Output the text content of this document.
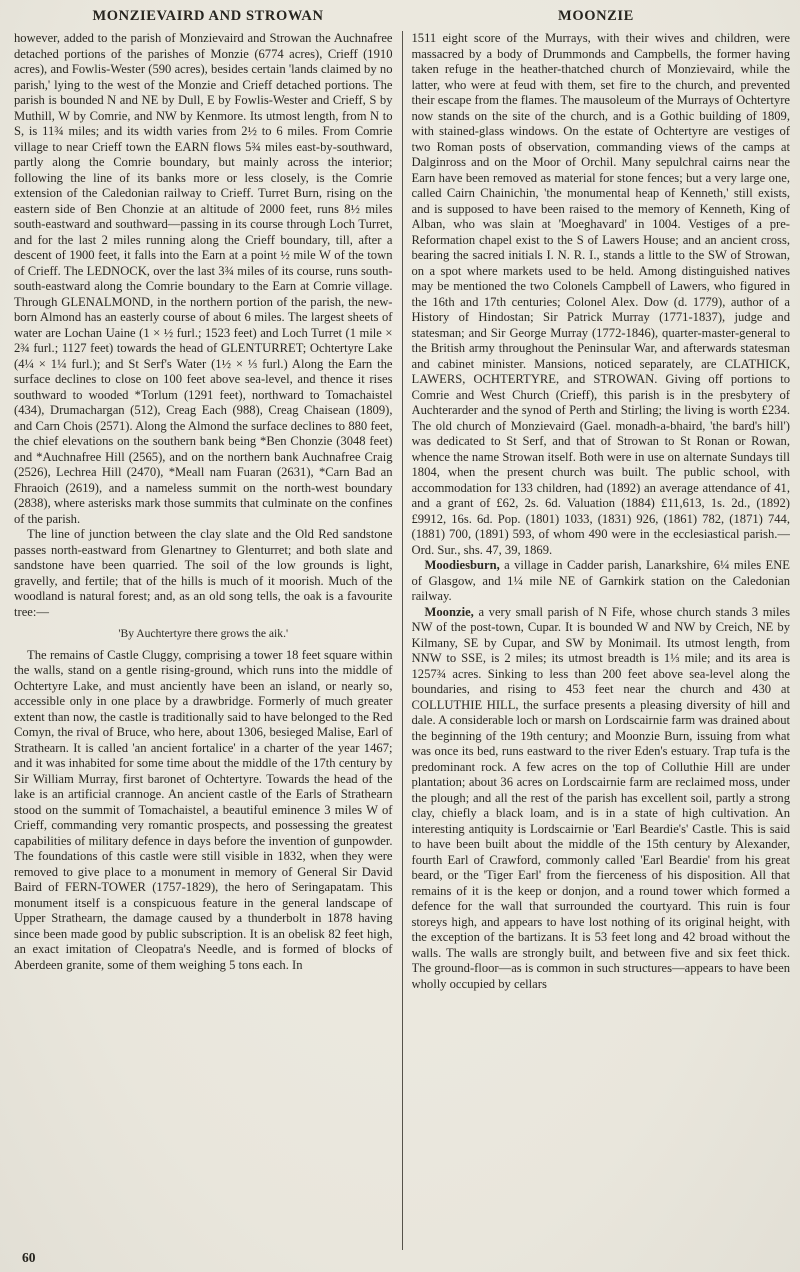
MONZIEVAIRD AND STROWAN	MOONZIE

however, added to the parish of Monzievaird and Strowan the Auchnafree detached portions of the parishes of Monzie (6774 acres), Crieff (1910 acres), and Fowlis-Wester (590 acres), besides certain 'lands claimed by no parish,' lying to the west of the Monzie and Crieff detached portions. The parish is bounded N and NE by Dull, E by Fowlis-Wester and Crieff, S by Muthill, W by Comrie, and NW by Kenmore. Its utmost length, from N to S, is 11¾ miles; and its width varies from 2½ to 6 miles. From Comrie village to near Crieff town the EARN flows 5¾ miles east-by-southward, partly along the Comrie boundary, but mainly across the interior; following the line of its banks more or less closely, is the Comrie extension of the Caledonian railway to Crieff. Turret Burn, rising on the eastern side of Ben Chonzie at an altitude of 2000 feet, runs 8½ miles south-eastward and southward—passing in its course through Loch Turret, and for the last 2 miles running along the Crieff boundary, till, after a descent of 1900 feet, it falls into the Earn at a point ½ mile W of the town of Crieff. The LEDNOCK, over the last 3¾ miles of its course, runs south-south-eastward along the Comrie boundary to the Earn at Comrie village. Through GLENALMOND, in the northern portion of the parish, the new-born Almond has an easterly course of about 6 miles. The largest sheets of water are Lochan Uaine (1 × ½ furl.; 1523 feet) and Loch Turret (1 mile × 2¾ furl.; 1127 feet) towards the head of GLENTURRET; Ochtertyre Lake (4¼ × 1¼ furl.); and St Serf's Water (1½ × ⅓ furl.) Along the Earn the surface declines to close on 100 feet above sea-level, and thence it rises southward to wooded *Torlum (1291 feet), northward to Tomachaistel (434), Drumachargan (512), Creag Each (988), Creag Chaisean (1809), and Carn Chois (2571). Along the Almond the surface declines to 880 feet, the chief elevations on the southern bank being *Ben Chonzie (3048 feet) and *Auchnafree Hill (2565), and on the northern bank Auchnafree Craig (2526), Lechrea Hill (2470), *Meall nam Fuaran (2631), *Carn Bad an Fhraoich (2619), and a nameless summit on the north-west boundary (2838), where asterisks mark those summits that culminate on the confines of the parish.

The line of junction between the clay slate and the Old Red sandstone passes north-eastward from Glenartney to Glenturret; and both slate and sandstone have been quarried. The soil of the low grounds is light, gravelly, and fertile; that of the hills is much of it moorish. Much of the woodland is natural forest; and, as an old song tells, the oak is a favourite tree:—

'By Auchtertyre there grows the aik.'

The remains of Castle Cluggy, comprising a tower 18 feet square within the walls, stand on a gentle rising-ground, which runs into the middle of Ochtertyre Lake, and must anciently have been an island, or nearly so, accessible only in one place by a drawbridge. Formerly of much greater extent than now, the castle is traditionally said to have belonged to the Red Comyn, the rival of Bruce, who here, about 1306, besieged Malise, Earl of Strathearn. It is called 'an ancient fortalice' in a charter of the year 1467; and it was inhabited for some time about the middle of the 17th century by Sir William Murray, first baronet of Ochtertyre. Towards the head of the lake is an artificial crannoge. An ancient castle of the Earls of Strathearn stood on the summit of Tomachaistel, a beautiful eminence 3 miles W of Crieff, commanding very romantic prospects, and possessing the greatest capabilities of military defence in days before the invention of gunpowder. The foundations of this castle were still visible in 1832, when they were removed to give place to a monument in memory of General Sir David Baird of FERN-TOWER (1757-1829), the hero of Seringapatam. This monument itself is a conspicuous feature in the general landscape of Upper Strathearn, the damage caused by a thunderbolt in 1878 having since been made good by public subscription. It is an obelisk 82 feet high, an exact imitation of Cleopatra's Needle, and is formed of blocks of Aberdeen granite, some of them weighing 5 tons each. In

1511 eight score of the Murrays, with their wives and children, were massacred by a body of Drummonds and Campbells, the former having taken refuge in the heather-thatched church of Monzievaird, while the latter, who were at feud with them, set fire to the church, and prevented their escape from the flames. The mausoleum of the Murrays of Ochtertyre now stands on the site of the church, and is a Gothic building of 1809, with stained-glass windows. On the estate of Ochtertyre are vestiges of two Roman posts of observation, commanding views of the camps at Dalginross and on the Moor of Orchil. Many sepulchral cairns near the Earn have been removed as material for stone fences; but a very large one, called Cairn Chainichin, 'the monumental heap of Kenneth,' still exists, and is supposed to have been raised to the memory of Kenneth, King of Alban, who was slain at 'Moeghavard' in 1004. Vestiges of a pre-Reformation chapel exist to the S of Lawers House; and an ancient cross, bearing the sacred initials I. N. R. I., stands a little to the SW of Strowan, on a spot where markets used to be held. Among distinguished natives may be mentioned the two Colonels Campbell of Lawers, who figured in the 16th and 17th centuries; Colonel Alex. Dow (d. 1779), author of a History of Hindostan; Sir Patrick Murray (1771-1837), judge and statesman; and Sir George Murray (1772-1846), quarter-master-general to the British army throughout the Peninsular War, and afterwards statesman and cabinet minister. Mansions, noticed separately, are CLATHICK, LAWERS, OCHTERTYRE, and STROWAN. Giving off portions to Comrie and West Church (Crieff), this parish is in the presbytery of Auchterarder and the synod of Perth and Stirling; the living is worth £234. The old church of Monzievaird (Gael. monadh-a-bhaird, 'the bard's hill') was dedicated to St Serf, and that of Strowan to St Ronan or Rowan, whence the name Strowan itself. Both were in use on alternate Sundays till 1804, when the present church was built. The public school, with accommodation for 133 children, had (1892) an average attendance of 41, and a grant of £62, 2s. 6d. Valuation (1884) £11,613, 1s. 2d., (1892) £9912, 16s. 6d. Pop. (1801) 1033, (1831) 926, (1861) 782, (1871) 744, (1881) 700, (1891) 593, of whom 490 were in the ecclesiastical parish.—Ord. Sur., shs. 47, 39, 1869.

Moodiesburn, a village in Cadder parish, Lanarkshire, 6¼ miles ENE of Glasgow, and 1¼ mile NE of Garnkirk station on the Caledonian railway.

Moonzie, a very small parish of N Fife, whose church stands 3 miles NW of the post-town, Cupar. It is bounded W and NW by Creich, NE by Kilmany, SE by Cupar, and SW by Monimail. Its utmost length, from NNW to SSE, is 2 miles; its utmost breadth is 1⅓ mile; and its area is 1257¾ acres. Sinking to less than 200 feet above sea-level along the boundaries, and rising to 453 feet near the church and 430 at COLLUTHIE HILL, the surface presents a pleasing diversity of hill and dale. A considerable loch or marsh on Lordscairnie farm was drained about the beginning of the 19th century; and Moonzie Burn, issuing from what was once its bed, runs eastward to the river Eden's estuary. Trap tufa is the predominant rock. A few acres on the top of Colluthie Hill are under plantation; about 36 acres on Lordscairnie farm are reclaimed moss, under the plough; and all the rest of the parish has excellent soil, partly a strong clay, chiefly a black loam, and is in a state of high cultivation. An interesting antiquity is Lordscairnie or 'Earl Beardie's' Castle. This is said to have been built about the middle of the 15th century by Alexander, fourth Earl of Crawford, commonly called 'Earl Beardie' from his great beard, or the 'Tiger Earl' from the fierceness of his disposition. All that remains of it is the keep or donjon, and a round tower which formed a defence for the wall that surrounded the courtyard. This ruin is four storeys high, and appears to have lost nothing of its original height, with the exception of the bartizans. It is 53 feet long and 42 broad without the walls. The walls are strongly built, and between five and six feet thick. The ground-floor—as is common in such structures—appears to have been wholly occupied by cellars

60
